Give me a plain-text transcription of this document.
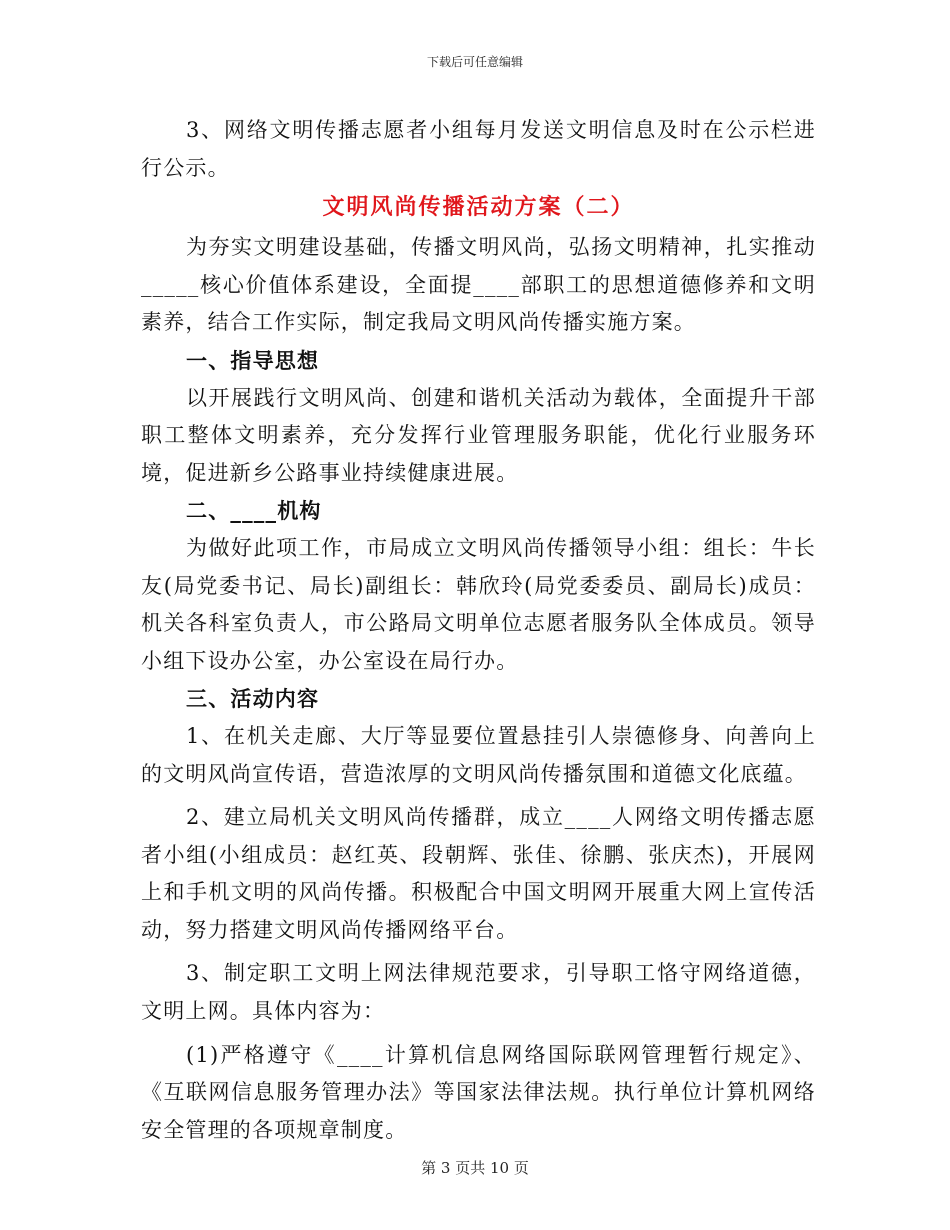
下载后可任意编辑

3、网络文明传播志愿者小组每月发送文明信息及时在公示栏进行公示。

文明风尚传播活动方案（二）

为夯实文明建设基础，传播文明风尚，弘扬文明精神，扎实推动_____核心价值体系建设，全面提____部职工的思想道德修养和文明素养，结合工作实际，制定我局文明风尚传播实施方案。

一、指导思想

以开展践行文明风尚、创建和谐机关活动为载体，全面提升干部职工整体文明素养，充分发挥行业管理服务职能，优化行业服务环境，促进新乡公路事业持续健康进展。

二、____机构

为做好此项工作，市局成立文明风尚传播领导小组：组长：牛长友(局党委书记、局长)副组长：韩欣玲(局党委委员、副局长)成员：机关各科室负责人，市公路局文明单位志愿者服务队全体成员。领导小组下设办公室，办公室设在局行办。

三、活动内容

1、在机关走廊、大厅等显要位置悬挂引人崇德修身、向善向上的文明风尚宣传语，营造浓厚的文明风尚传播氛围和道德文化底蕴。

2、建立局机关文明风尚传播群，成立____人网络文明传播志愿者小组(小组成员：赵红英、段朝辉、张佳、徐鹏、张庆杰)，开展网上和手机文明的风尚传播。积极配合中国文明网开展重大网上宣传活动，努力搭建文明风尚传播网络平台。

3、制定职工文明上网法律规范要求，引导职工恪守网络道德，文明上网。具体内容为：

(1)严格遵守《____计算机信息网络国际联网管理暂行规定》、《互联网信息服务管理办法》等国家法律法规。执行单位计算机网络安全管理的各项规章制度。

第 3 页共 10 页
